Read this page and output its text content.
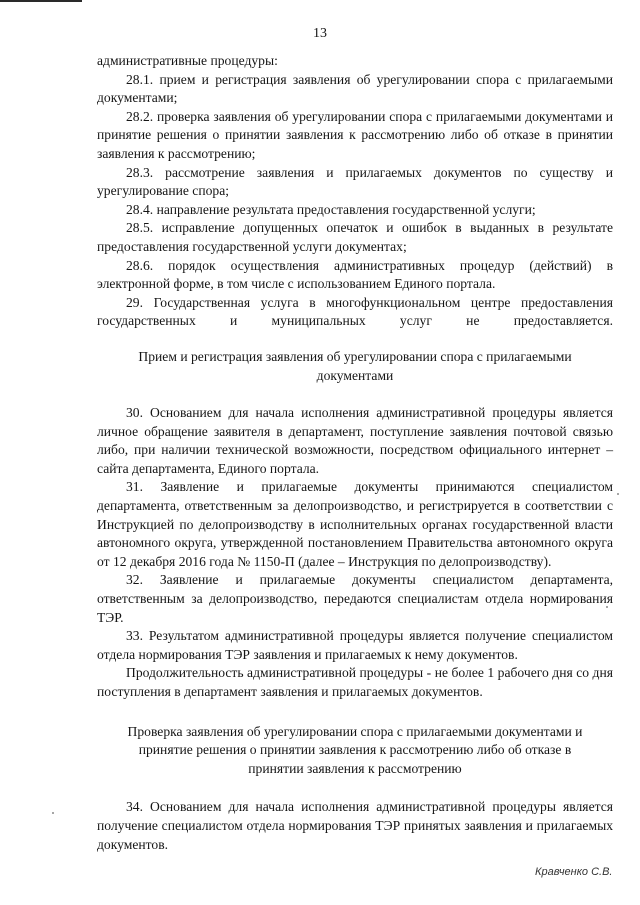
13

административные процедуры:

28.1. прием и регистрация заявления об урегулировании спора с прилагаемыми документами;

28.2. проверка заявления об урегулировании спора с прилагаемыми документами и принятие решения о принятии заявления к рассмотрению либо об отказе в принятии заявления к рассмотрению;

28.3. рассмотрение заявления и прилагаемых документов по существу и урегулирование спора;

28.4. направление результата предоставления государственной услуги;

28.5. исправление допущенных опечаток и ошибок в выданных в результате предоставления государственной услуги документах;

28.6. порядок осуществления административных процедур (действий) в электронной форме, в том числе с использованием Единого портала.

29. Государственная услуга в многофункциональном центре предоставления государственных и муниципальных услуг не предоставляется.

Прием и регистрация заявления об урегулировании спора с прилагаемыми документами

30. Основанием для начала исполнения административной процедуры является личное обращение заявителя в департамент, поступление заявления почтовой связью либо, при наличии технической возможности, посредством официального интернет – сайта департамента, Единого портала.

31. Заявление и прилагаемые документы принимаются специалистом департамента, ответственным за делопроизводство, и регистрируется в соответствии с Инструкцией по делопроизводству в исполнительных органах государственной власти автономного округа, утвержденной постановлением Правительства автономного округа от 12 декабря 2016 года № 1150-П (далее – Инструкция по делопроизводству).

32. Заявление и прилагаемые документы специалистом департамента, ответственным за делопроизводство, передаются специалистам отдела нормирования ТЭР.

33. Результатом административной процедуры является получение специалистом отдела нормирования ТЭР заявления и прилагаемых к нему документов.

Продолжительность административной процедуры - не более 1 рабочего дня со дня поступления в департамент заявления и прилагаемых документов.

Проверка заявления об урегулировании спора с прилагаемыми документами и принятие решения о принятии заявления к рассмотрению либо об отказе в принятии заявления к рассмотрению

34. Основанием для начала исполнения административной процедуры является получение специалистом отдела нормирования ТЭР принятых заявления и прилагаемых документов.

Кравченко С.В.
